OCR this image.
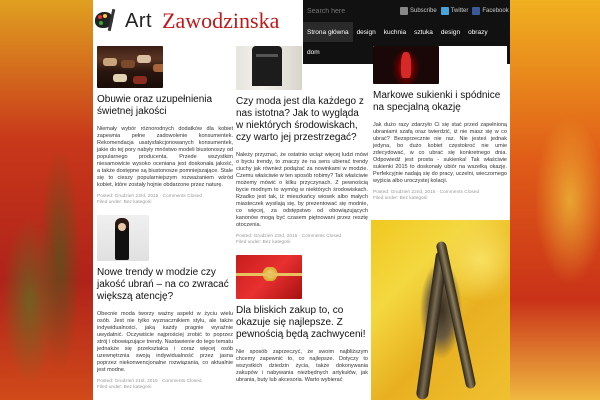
Art Zawodzinska
Search here	Subscribe Twitter Facebook
Strona główna	design	kuchnia	sztuka	design	obrazy
dom
Obuwie oraz uzupełnienia świetnej jakości

Niemały wybór różnorodnych dodatków dla kobiet zapewnia pełne zadowolenie konsumentek. Rekomendacja usatysfakcjonowanych konsumentek, jakie do tej pory nabyły mnóstwo modeli biustonoszy od popularnego producenta. Przede wszystkim niesamowicie wysoko oceniana jest doskonała jakość, a także dostępne są biustonosze pomniejszające. Stale się to cieszy popularniejszym rozważaniem wśród kobiet, które zostały hojnie obdarzone przez naturę.

Posted: Grudzień 23rd, 2015 · Comments Closed
Filed under: Bez kategorii
Nowe trendy w modzie czy jakość ubrań – na co zwracać większą atencję?

Obecnie moda tworzy ważny aspekt w życiu wielu osób. Jest nie tylko wyznacznikiem stylu, ale także indywidualności, jaką każdy pragnie wyraźnie uwydatnić. Oczywiście najprościej zrobić to poprzez strój i obowiązujące trendy. Nastawienie do tego tematu jednakże się przekształca i coraz więcej osób uzewnętrznia swoją indywidualność przez jasna poprzez niekonwencjonalne rozwiązania, co aktualnie jest modne.

Posted: Grudzień 21st, 2015 · Comments Closed
Filed under: Bez kategorii
Czy moda jest dla każdego z nas istotna? Jak to wygląda w niektórych środowiskach, czy warto jej przestrzegać?

Należy przyznać, że ostatnio wciąż więcej ludzi mówi o byciu trendy, to znaczy że na sens ubierać trendy ciuchy jak również podążać za nowinkami w modzie. Czemu właściwie w ten sposób robimy? Tak właściwie możemy mówić o kilku przyczynach. Z pewnością bycie modnym to wymóg w niektórych środowiskach. Rzadko jest tak, iż mieszkańcy wiosek albo małych miasteczek wysilają się, by prezentować się modnie, co więcej, za odstępstwo od obowiązujących kanonów mogą być czasem piętnowani przez resztę otoczenia.

Posted: Grudzień 23rd, 2015 · Comments Closed
Filed under: Bez kategorii
Dla bliskich zakup to, co okazuje się najlepsze. Z pewnością będą zachwyceni!

Nie sposób zaprzeczyć, że swoim najbliższym chcemy zapewnić to, co najlepsze. Dotyczy to wszystkich dziedzin życia, także dokonywania zakupów i nabywania niezbędnych artykułów, jak ubrania, buty lub akcesoria. Warto wybierać

Markowe sukienki i spódnice na specjalną okazję

Jak dużo razy zdarzyło Ci się stać przed zapełnioną ubraniami szafą oraz twierdzić, iż nie masz się w co ubrać? Bezsprzecznie nie raz. Nie jesteś jednak jedyna, bo dużo kobiet częstokroć nie umie zdecydować, w co ubrać się konkretnego dnia. Odpowiedź jest prosta - sukienka! Tak właściwie sukienki 2015 to doskonały ubiór na wszelką okazję. Perfekcyjnie nadają się do pracy, uczelni, wieczornego wyjścia albo uroczystej kolacji.

Posted: Grudzień 22nd, 2015 · Comments Closed
Filed under: Bez kategorii
